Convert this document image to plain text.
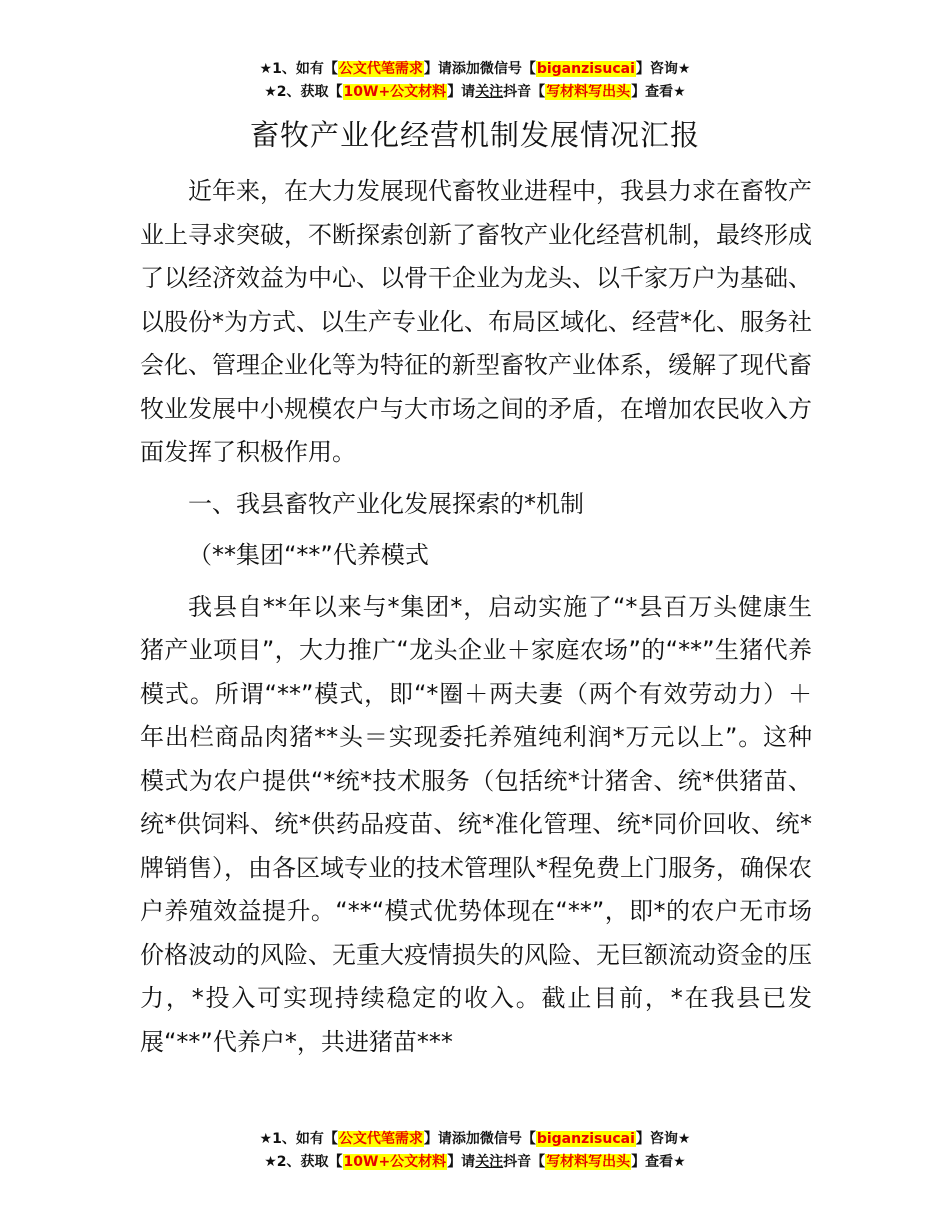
★1、如有【公文代笔需求】请添加微信号【biganzisucai】咨询★
★2、获取【10W+公文材料】请关注抖音【写材料写出头】查看★
畜牧产业化经营机制发展情况汇报

近年来，在大力发展现代畜牧业进程中，我县力求在畜牧产业上寻求突破，不断探索创新了畜牧产业化经营机制，最终形成了以经济效益为中心、以骨干企业为龙头、以千家万户为基础、以股份*为方式、以生产专业化、布局区域化、经营*化、服务社会化、管理企业化等为特征的新型畜牧产业体系，缓解了现代畜牧业发展中小规模农户与大市场之间的矛盾，在增加农民收入方面发挥了积极作用。

一、我县畜牧产业化发展探索的*机制

（**集团“**”代养模式

我县自**年以来与*集团*，启动实施了“*县百万头健康生猪产业项目”，大力推广“龙头企业＋家庭农场”的“**”生猪代养模式。所谓“**”模式，即“*圈＋两夫妻（两个有效劳动力）＋年出栏商品肉猪**头＝实现委托养殖纯利润*万元以上”。这种模式为农户提供“*统*技术服务（包括统*计猪舍、统*供猪苗、统*供饲料、统*供药品疫苗、统*准化管理、统*同价回收、统*牌销售），由各区域专业的技术管理队*程免费上门服务，确保农户养殖效益提升。“**“模式优势体现在“**”，即*的农户无市场价格波动的风险、无重大疫情损失的风险、无巨额流动资金的压力，*投入可实现持续稳定的收入。截止目前，*在我县已发展“**”代养户*，共进猪苗***

★1、如有【公文代笔需求】请添加微信号【biganzisucai】咨询★
★2、获取【10W+公文材料】请关注抖音【写材料写出头】查看★
